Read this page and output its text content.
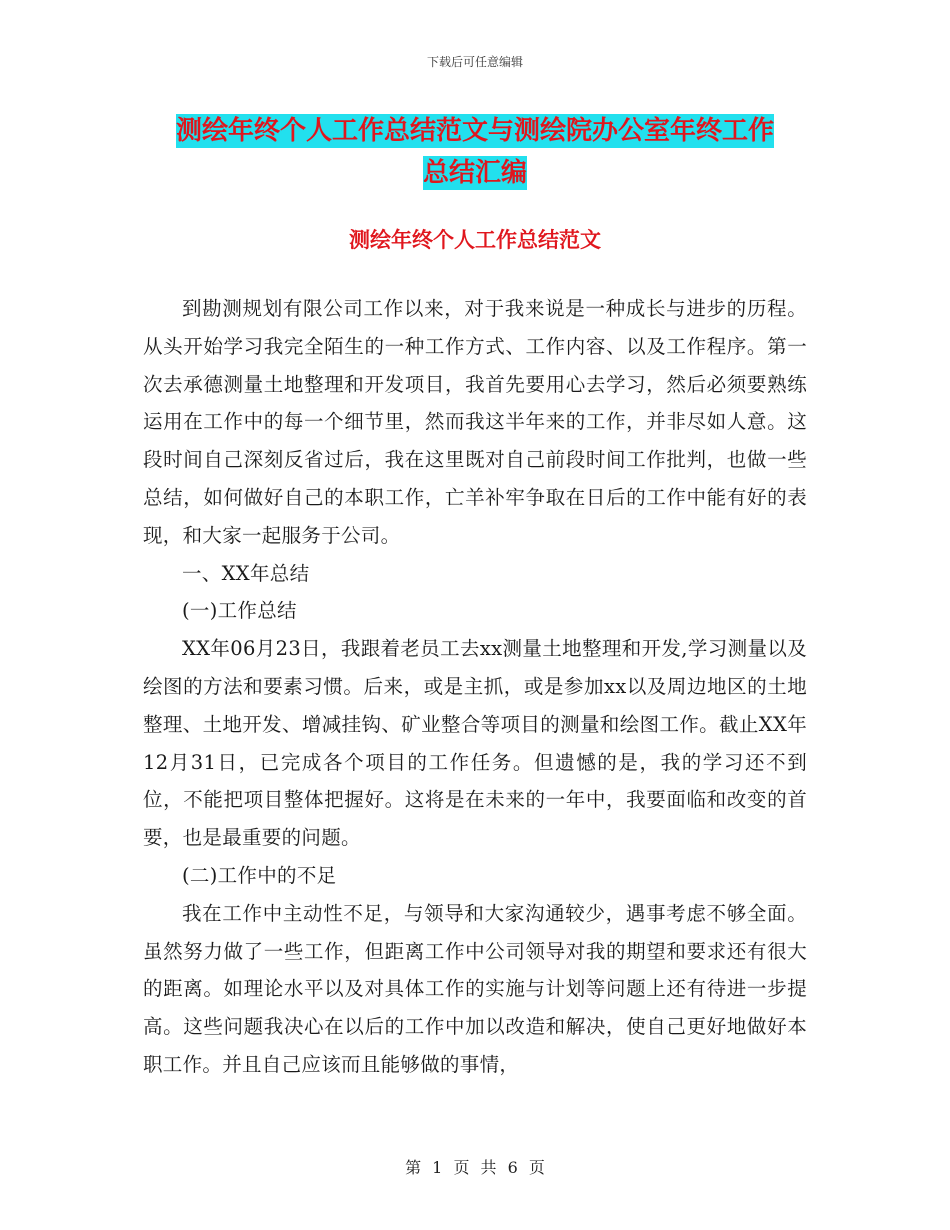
下载后可任意编辑
测绘年终个人工作总结范文与测绘院办公室年终工作
总结汇编
测绘年终个人工作总结范文

到勘测规划有限公司工作以来，对于我来说是一种成长与进步的历程。从头开始学习我完全陌生的一种工作方式、工作内容、以及工作程序。第一次去承德测量土地整理和开发项目，我首先要用心去学习，然后必须要熟练运用在工作中的每一个细节里，然而我这半年来的工作，并非尽如人意。这段时间自己深刻反省过后，我在这里既对自己前段时间工作批判，也做一些总结，如何做好自己的本职工作，亡羊补牢争取在日后的工作中能有好的表现，和大家一起服务于公司。

一、XX年总结

(一)工作总结

XX年06月23日，我跟着老员工去xx测量土地整理和开发,学习测量以及绘图的方法和要素习惯。后来，或是主抓，或是参加xx以及周边地区的土地整理、土地开发、增减挂钩、矿业整合等项目的测量和绘图工作。截止XX年12月31日，已完成各个项目的工作任务。但遗憾的是，我的学习还不到位，不能把项目整体把握好。这将是在未来的一年中，我要面临和改变的首要，也是最重要的问题。

(二)工作中的不足

我在工作中主动性不足，与领导和大家沟通较少，遇事考虑不够全面。虽然努力做了一些工作，但距离工作中公司领导对我的期望和要求还有很大的距离。如理论水平以及对具体工作的实施与计划等问题上还有待进一步提高。这些问题我决心在以后的工作中加以改造和解决，使自己更好地做好本职工作。并且自己应该而且能够做的事情，

第 1 页 共 6 页
